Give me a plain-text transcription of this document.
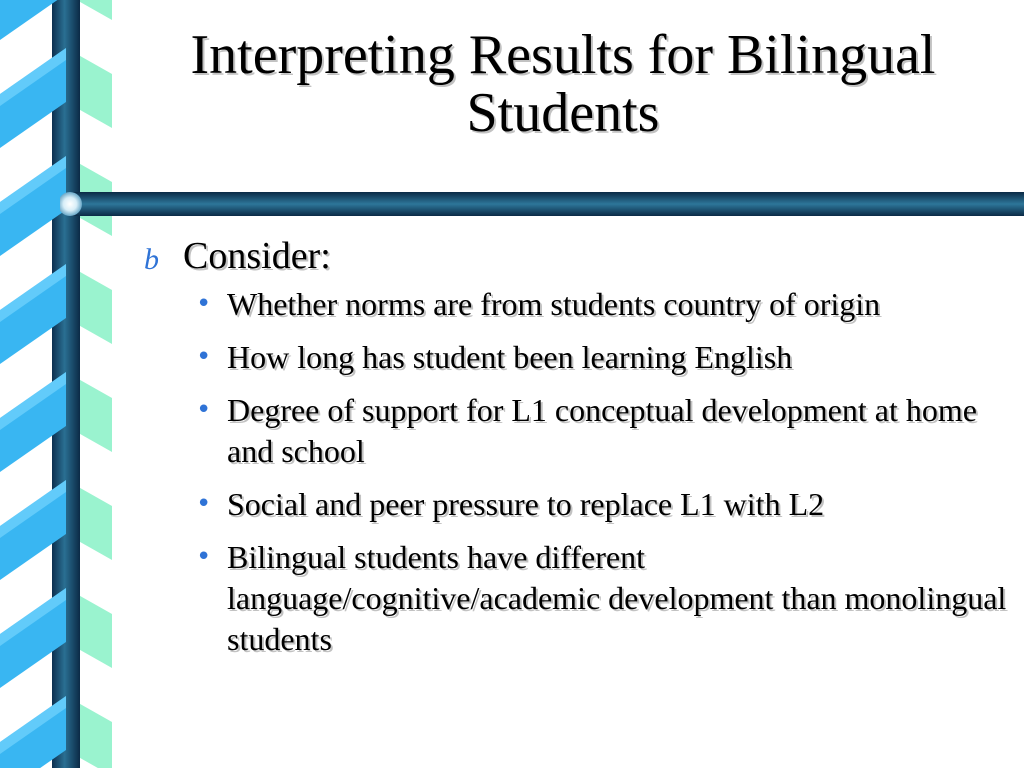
Interpreting Results for Bilingual Students
b Consider:
• Whether norms are from students country of origin
• How long has student been learning English
• Degree of support for L1 conceptual development at home and school
• Social and peer pressure to replace L1 with L2
• Bilingual students have different language/cognitive/academic development than monolingual students
